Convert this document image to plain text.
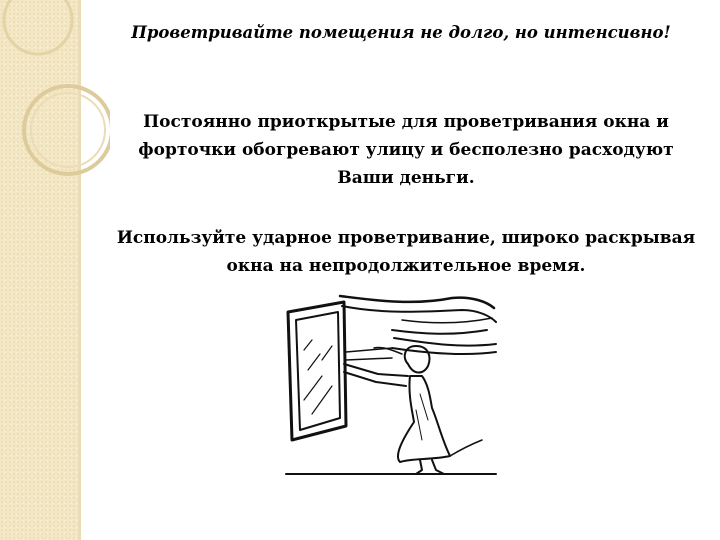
Проветривайте помещения не долго, но интенсивно!

Постоянно приоткрытые для проветривания окна и форточки обогревают улицу и бесполезно расходуют Ваши деньги.

Используйте ударное проветривание, широко раскрывая окна на непродолжительное время.
